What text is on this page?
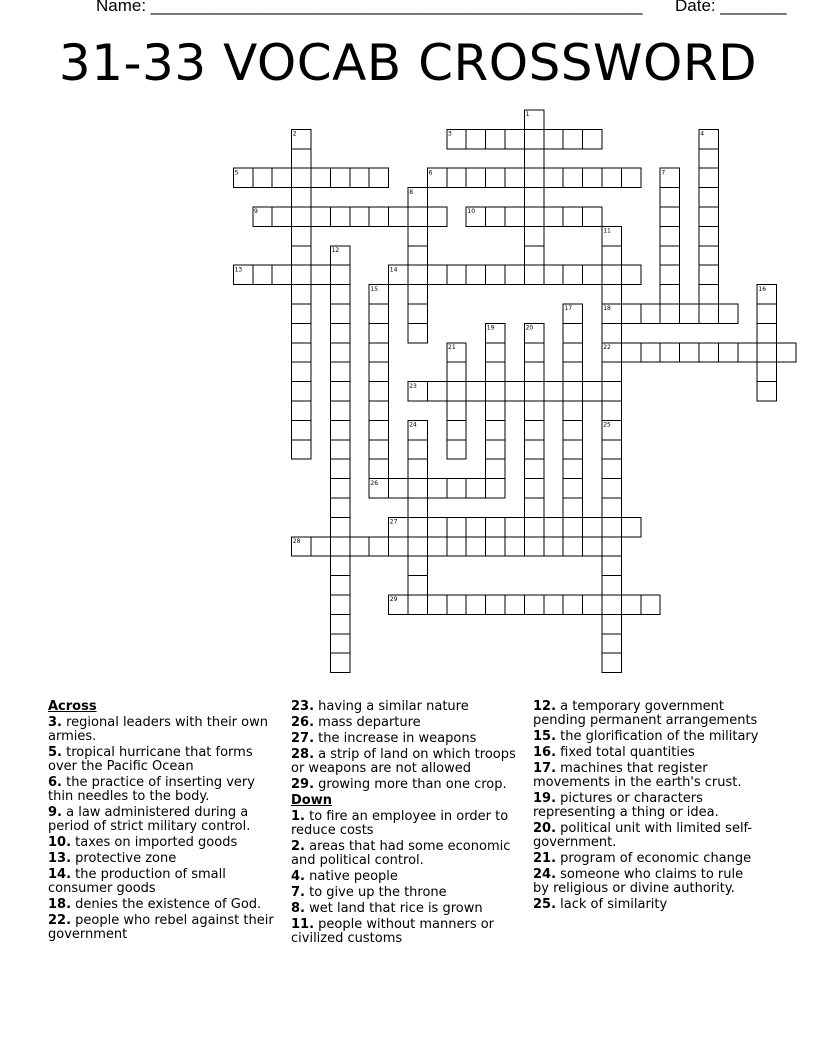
Name: ____________________________________________________ Date: _______
31-33 VOCAB CROSSWORD
1
2	3	4
5	6	7
8
9	10
11
12
13	14
15	16
17	18
19	20
21	22
23
24	25
26
27
28
29
Across
3. regional leaders with their own armies.
5. tropical hurricane that forms over the Pacific Ocean
6. the practice of inserting very thin needles to the body.
9. a law administered during a period of strict military control.
10. taxes on imported goods
13. protective zone
14. the production of small consumer goods
18. denies the existence of God.
22. people who rebel against their government
23. having a similar nature
26. mass departure
27. the increase in weapons
28. a strip of land on which troops or weapons are not allowed
29. growing more than one crop.
Down
1. to fire an employee in order to reduce costs
2. areas that had some economic and political control.
4. native people
7. to give up the throne
8. wet land that rice is grown
11. people without manners or civilized customs
12. a temporary government pending permanent arrangements
15. the glorification of the military
16. fixed total quantities
17. machines that register movements in the earth's crust.
19. pictures or characters representing a thing or idea.
20. political unit with limited self-government.
21. program of economic change
24. someone who claims to rule by religious or divine authority.
25. lack of similarity
